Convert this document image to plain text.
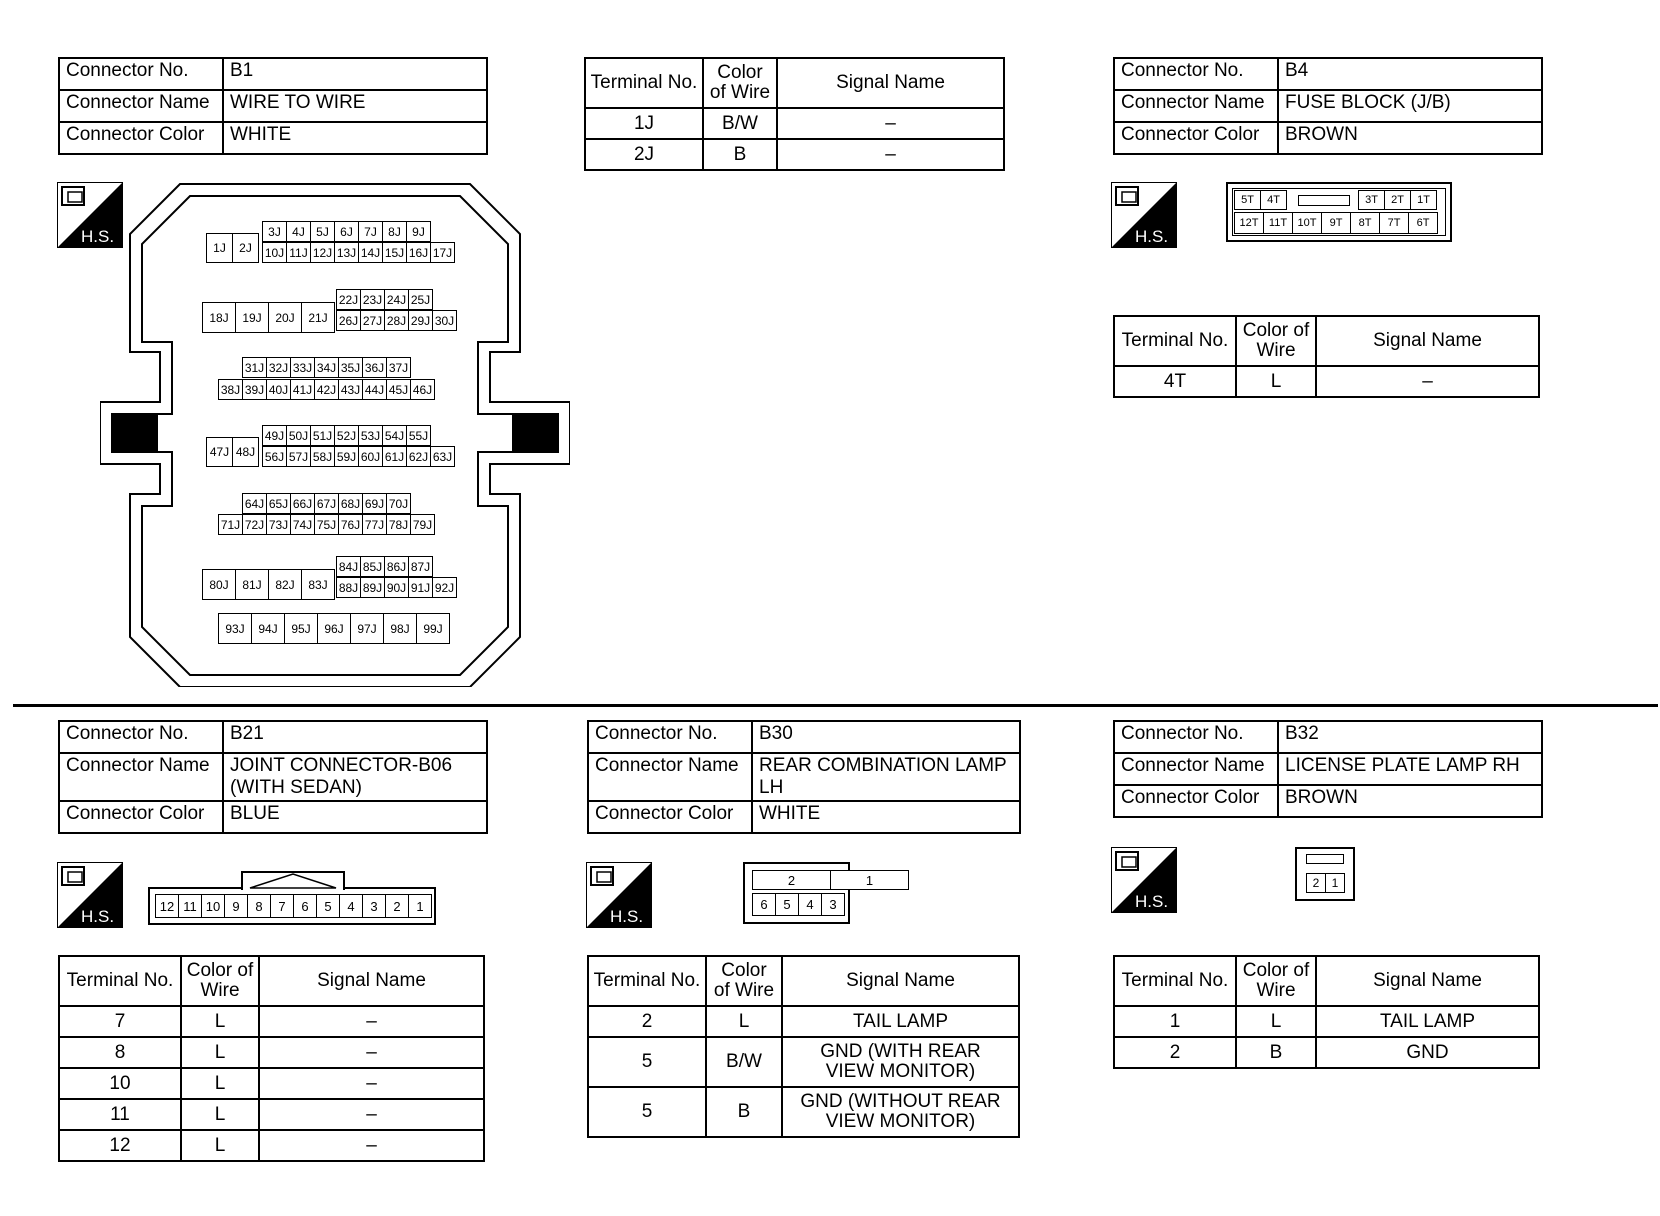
Connector No.	B1
Connector Name	WIRE TO WIRE
Connector Color	WHITE
Terminal No.	Color of Wire	Signal Name
1J	B/W	–
2J	B	–
H.S.	H.S.
H.S.	H.S.
H.S.
3J 4J 5J 6J 7J 8J 9J
1J	2J	10J 11J 12J 13J 14J 15J 16J 17J
22J 23J 24J 25J
18J	19J	20J	21J 26J 27J 28J 29J 30J
31J 32J 33J 34J 35J 36J 37J
38J 39J 40J 41J 42J 43J 44J 45J 46J
49J 50J 51J 52J 53J 54J 55J
47J 48J 56J 57J 58J 59J 60J 61J 62J 63J
64J 65J 66J 67J 68J 69J 70J
71J 72J 73J 74J 75J 76J 77J 78J 79J
84J 85J 86J 87J
80J	81J	82J	83J 88J 89J 90J 91J 92J
93J	94J	95J	96J	97J	98J	99J
Connector No.	B4
Connector Name	FUSE BLOCK (J/B)
Connector Color	BROWN
5T	4T	3T	2T	1T
12T 11T 10T	9T	8T	7T	6T
Terminal No.	Color of Wire	Signal Name
4T	L	–
Connector No.	B21
Connector Name	JOINT CONNECTOR-B06 (WITH SEDAN)
Connector Color	BLUE
12 11 10 9	8	7	6	5	4	3	2	1
Terminal No.	Color of Wire	Signal Name
7	L	–
8	L	–
10	L	–
11	L	–
12	L	–
Connector No.	B30
Connector Name	REAR COMBINATION LAMP LH
Connector Color	WHITE
2	1
6	5	4	3
Terminal No.	Color of Wire	Signal Name
2	L	TAIL LAMP
5	B/W	GND (WITH REAR VIEW MONITOR)
5	B	GND (WITHOUT REAR VIEW MONITOR)
Connector No.	B32
Connector Name	LICENSE PLATE LAMP RH
Connector Color	BROWN
2	1
Terminal No.	Color of Wire	Signal Name
1	L	TAIL LAMP
2	B	GND
